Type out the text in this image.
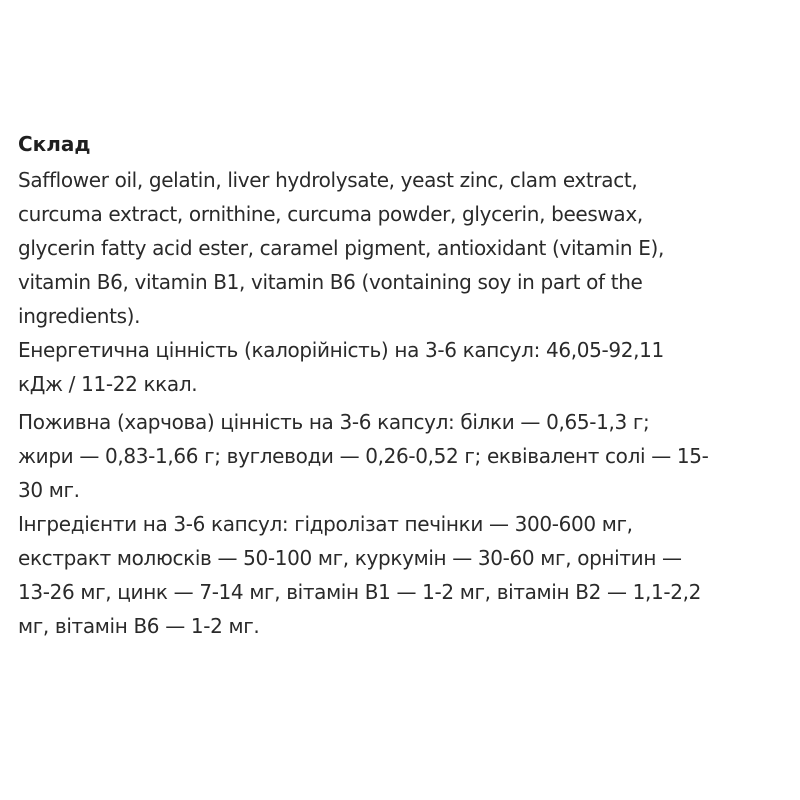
Склад

Safflower oil, gelatin, liver hydrolysate, yeast zinc, clam extract,
curcuma extract, ornithine, curcuma powder, glycerin, beeswax,
glycerin fatty acid ester, caramel pigment, antioxidant (vitamin E),
vitamin B6, vitamin B1, vitamin B6 (vontaining soy in part of the
ingredients).

Енергетична цінність (калорійність) на 3-6 капсул: 46,05-92,11
кДж / 11-22 ккал.

Поживна (харчова) цінність на 3-6 капсул: білки — 0,65-1,3 г;
жири — 0,83-1,66 г; вуглеводи — 0,26-0,52 г; еквівалент солі — 15-
30 мг.

Інгредієнти на 3-6 капсул: гідролізат печінки — 300-600 мг,
екстракт молюсків — 50-100 мг, куркумін — 30-60 мг, орнітин —
13-26 мг, цинк — 7-14 мг, вітамін B1 — 1-2 мг, вітамін B2 — 1,1-2,2
мг, вітамін B6 — 1-2 мг.
